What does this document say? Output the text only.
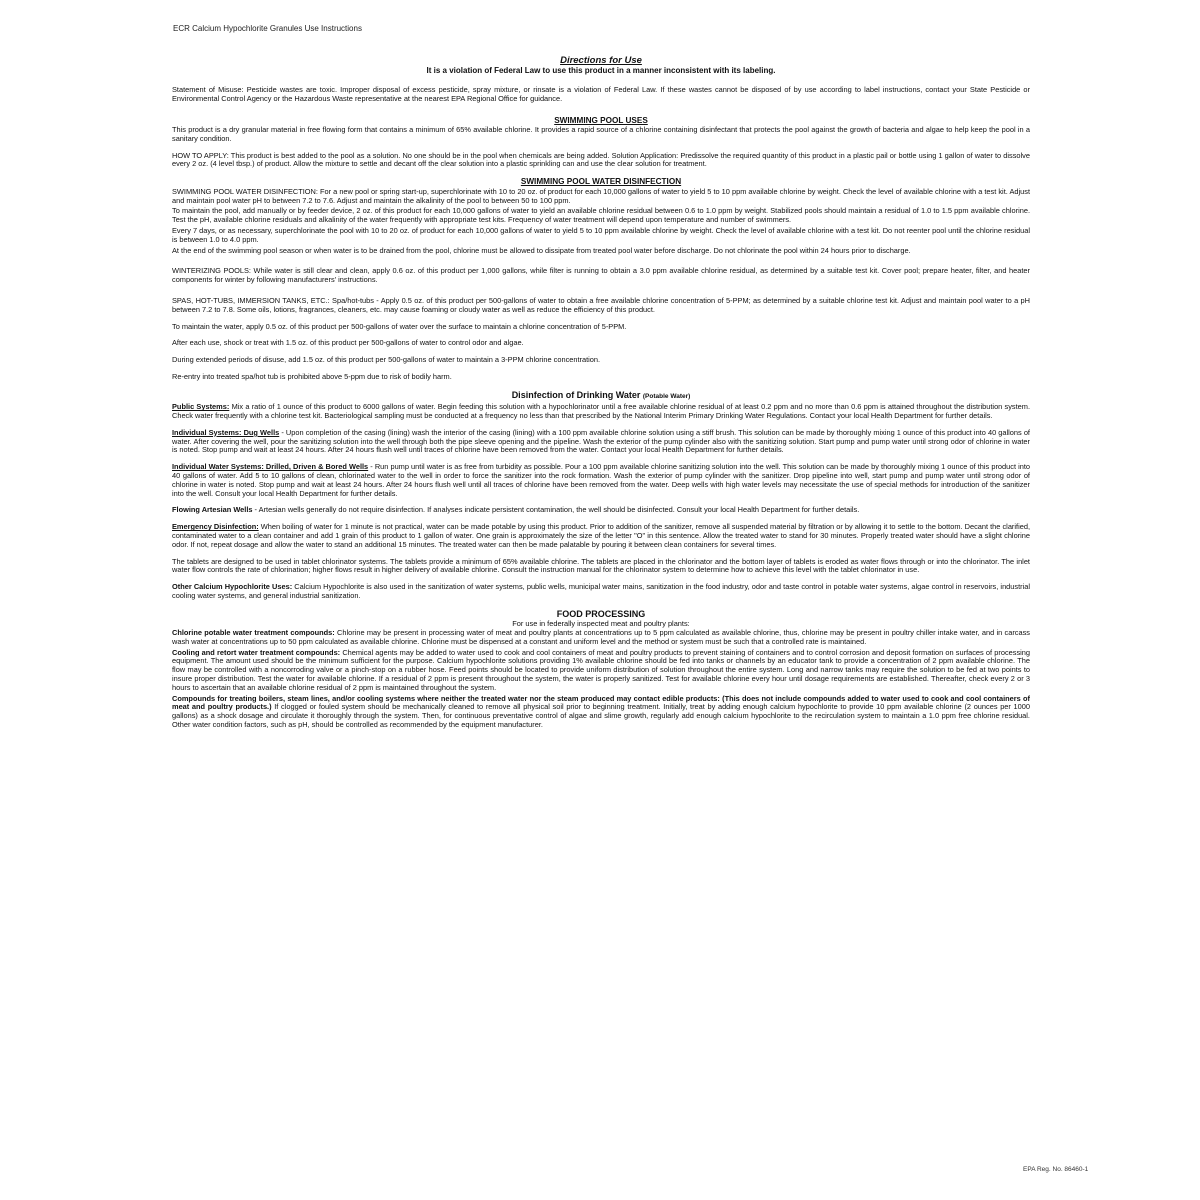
ECR Calcium Hypochlorite Granules Use Instructions

Directions for Use

It is a violation of Federal Law to use this product in a manner inconsistent with its labeling.

Statement of Misuse: Pesticide wastes are toxic. Improper disposal of excess pesticide, spray mixture, or rinsate is a violation of Federal Law. If these wastes cannot be disposed of by use according to label instructions, contact your State Pesticide or Environmental Control Agency or the Hazardous Waste representative at the nearest EPA Regional Office for guidance.

SWIMMING POOL USES

This product is a dry granular material in free flowing form that contains a minimum of 65% available chlorine. It provides a rapid source of a chlorine containing disinfectant that protects the pool against the growth of bacteria and algae to help keep the pool in a sanitary condition.

HOW TO APPLY: This product is best added to the pool as a solution. No one should be in the pool when chemicals are being added. Solution Application: Predissolve the required quantity of this product in a plastic pail or bottle using 1 gallon of water to dissolve every 2 oz. (4 level tbsp.) of product. Allow the mixture to settle and decant off the clear solution into a plastic sprinkling can and use the clear solution for treatment.

SWIMMING POOL WATER DISINFECTION

SWIMMING POOL WATER DISINFECTION: For a new pool or spring start-up, superchlorinate with 10 to 20 oz. of product for each 10,000 gallons of water to yield 5 to 10 ppm available chlorine by weight. Check the level of available chlorine with a test kit. Adjust and maintain pool water pH to between 7.2 to 7.6. Adjust and maintain the alkalinity of the pool to between 50 to 100 ppm.

To maintain the pool, add manually or by feeder device, 2 oz. of this product for each 10,000 gallons of water to yield an available chlorine residual between 0.6 to 1.0 ppm by weight. Stabilized pools should maintain a residual of 1.0 to 1.5 ppm available chlorine. Test the pH, available chlorine residuals and alkalinity of the water frequently with appropriate test kits. Frequency of water treatment will depend upon temperature and number of swimmers.

Every 7 days, or as necessary, superchlorinate the pool with 10 to 20 oz. of product for each 10,000 gallons of water to yield 5 to 10 ppm available chlorine by weight. Check the level of available chlorine with a test kit. Do not reenter pool until the chlorine residual is between 1.0 to 4.0 ppm.

At the end of the swimming pool season or when water is to be drained from the pool, chlorine must be allowed to dissipate from treated pool water before discharge. Do not chlorinate the pool within 24 hours prior to discharge.

WINTERIZING POOLS: While water is still clear and clean, apply 0.6 oz. of this product per 1,000 gallons, while filter is running to obtain a 3.0 ppm available chlorine residual, as determined by a suitable test kit. Cover pool; prepare heater, filter, and heater components for winter by following manufacturers' instructions.

SPAS, HOT-TUBS, IMMERSION TANKS, ETC.: Spa/hot-tubs - Apply 0.5 oz. of this product per 500-gallons of water to obtain a free available chlorine concentration of 5-PPM; as determined by a suitable chlorine test kit. Adjust and maintain pool water to a pH between 7.2 to 7.8. Some oils, lotions, fragrances, cleaners, etc. may cause foaming or cloudy water as well as reduce the efficiency of this product.

To maintain the water, apply 0.5 oz. of this product per 500-gallons of water over the surface to maintain a chlorine concentration of 5-PPM.

After each use, shock or treat with 1.5 oz. of this product per 500-gallons of water to control odor and algae.

During extended periods of disuse, add 1.5 oz. of this product per 500-gallons of water to maintain a 3-PPM chlorine concentration.

Re-entry into treated spa/hot tub is prohibited above 5-ppm due to risk of bodily harm.

Disinfection of Drinking Water (Potable Water)

Public Systems: Mix a ratio of 1 ounce of this product to 6000 gallons of water. Begin feeding this solution with a hypochlorinator until a free available chlorine residual of at least 0.2 ppm and no more than 0.6 ppm is attained throughout the distribution system. Check water frequently with a chlorine test kit. Bacteriological sampling must be conducted at a frequency no less than that prescribed by the National Interim Primary Drinking Water Regulations. Contact your local Health Department for further details.

Individual Systems: Dug Wells - Upon completion of the casing (lining) wash the interior of the casing (lining) with a 100 ppm available chlorine solution using a stiff brush. This solution can be made by thoroughly mixing 1 ounce of this product into 40 gallons of water. After covering the well, pour the sanitizing solution into the well through both the pipe sleeve opening and the pipeline. Wash the exterior of the pump cylinder also with the sanitizing solution. Start pump and pump water until strong odor of chlorine in water is noted. Stop pump and wait at least 24 hours. After 24 hours flush well until traces of chlorine have been removed from the water. Contact your local Health Department for further details.

Individual Water Systems: Drilled, Driven & Bored Wells - Run pump until water is as free from turbidity as possible. Pour a 100 ppm available chlorine sanitizing solution into the well. This solution can be made by thoroughly mixing 1 ounce of this product into 40 gallons of water. Add 5 to 10 gallons of clean, chlorinated water to the well in order to force the sanitizer into the rock formation. Wash the exterior of pump cylinder with the sanitizer. Drop pipeline into well, start pump and pump water until strong odor of chlorine in water is noted. Stop pump and wait at least 24 hours. After 24 hours flush well until all traces of chlorine have been removed from the water. Deep wells with high water levels may necessitate the use of special methods for introduction of the sanitizer into the well. Consult your local Health Department for further details.

Flowing Artesian Wells - Artesian wells generally do not require disinfection. If analyses indicate persistent contamination, the well should be disinfected. Consult your local Health Department for further details.

Emergency Disinfection: When boiling of water for 1 minute is not practical, water can be made potable by using this product. Prior to addition of the sanitizer, remove all suspended material by filtration or by allowing it to settle to the bottom. Decant the clarified, contaminated water to a clean container and add 1 grain of this product to 1 gallon of water. One grain is approximately the size of the letter "O" in this sentence. Allow the treated water to stand for 30 minutes. Properly treated water should have a slight chlorine odor. If not, repeat dosage and allow the water to stand an additional 15 minutes. The treated water can then be made palatable by pouring it between clean containers for several times.

The tablets are designed to be used in tablet chlorinator systems. The tablets provide a minimum of 65% available chlorine. The tablets are placed in the chlorinator and the bottom layer of tablets is eroded as water flows through or into the chlorinator. The inlet water flow controls the rate of chlorination; higher flows result in higher delivery of available chlorine. Consult the instruction manual for the chlorinator system to determine how to achieve this level with the tablet chlorinator in use.

Other Calcium Hypochlorite Uses: Calcium Hypochlorite is also used in the sanitization of water systems, public wells, municipal water mains, sanitization in the food industry, odor and taste control in potable water systems, algae control in reservoirs, industrial cooling water systems, and general industrial sanitization.

FOOD PROCESSING

For use in federally inspected meat and poultry plants:

Chlorine potable water treatment compounds: Chlorine may be present in processing water of meat and poultry plants at concentrations up to 5 ppm calculated as available chlorine, thus, chlorine may be present in poultry chiller intake water, and in carcass wash water at concentrations up to 50 ppm calculated as available chlorine. Chlorine must be dispensed at a constant and uniform level and the method or system must be such that a controlled rate is maintained.

Cooling and retort water treatment compounds: Chemical agents may be added to water used to cook and cool containers of meat and poultry products to prevent staining of containers and to control corrosion and deposit formation on surfaces of processing equipment. The amount used should be the minimum sufficient for the purpose. Calcium hypochlorite solutions providing 1% available chlorine should be fed into tanks or channels by an educator tank to provide a concentration of 2 ppm available chlorine. The flow may be controlled with a noncorroding valve or a pinch-stop on a rubber hose. Feed points should be located to provide uniform distribution of solution throughout the entire system. Long and narrow tanks may require the solution to be fed at two points to insure proper distribution. Test the water for available chlorine. If a residual of 2 ppm is present throughout the system, the water is properly sanitized. Test for available chlorine every hour until dosage requirements are established. Thereafter, check every 2 or 3 hours to ascertain that an available chlorine residual of 2 ppm is maintained throughout the system.

Compounds for treating boilers, steam lines, and/or cooling systems where neither the treated water nor the steam produced may contact edible products: (This does not include compounds added to water used to cook and cool containers of meat and poultry products.) If clogged or fouled system should be mechanically cleaned to remove all physical soil prior to beginning treatment. Initially, treat by adding enough calcium hypochlorite to provide 10 ppm available chlorine (2 ounces per 1000 gallons) as a shock dosage and circulate it thoroughly through the system. Then, for continuous preventative control of algae and slime growth, regularly add enough calcium hypochlorite to the recirculation system to maintain a 1.0 ppm free chlorine residual. Other water condition factors, such as pH, should be controlled as recommended by the equipment manufacturer.

EPA Reg. No. 86460-1
